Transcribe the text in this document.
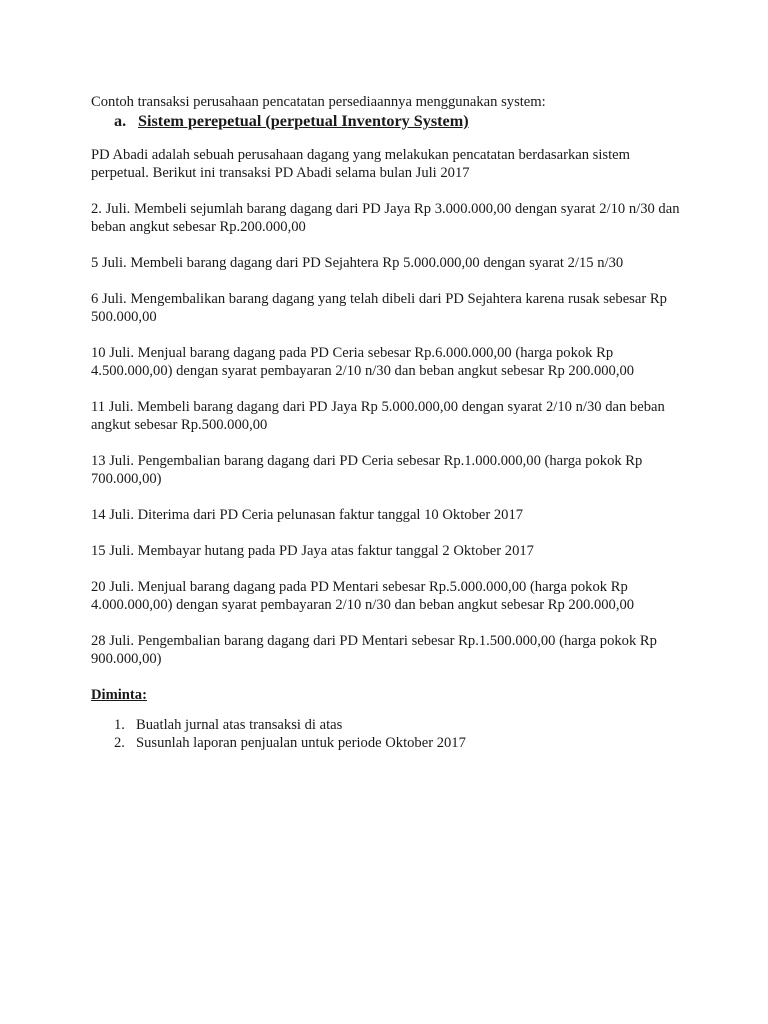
Contoh transaksi perusahaan pencatatan persediaannya menggunakan system:

a. Sistem perepetual (perpetual Inventory System)

PD Abadi adalah sebuah perusahaan dagang yang melakukan pencatatan berdasarkan sistem perpetual. Berikut ini transaksi PD Abadi selama bulan Juli 2017

2. Juli. Membeli sejumlah barang dagang dari PD Jaya Rp 3.000.000,00 dengan syarat 2/10 n/30 dan beban angkut sebesar Rp.200.000,00

5 Juli. Membeli barang dagang dari PD Sejahtera Rp 5.000.000,00 dengan syarat 2/15 n/30

6 Juli. Mengembalikan barang dagang yang telah dibeli dari PD Sejahtera karena rusak sebesar Rp 500.000,00

10 Juli. Menjual barang dagang pada PD Ceria sebesar Rp.6.000.000,00 (harga pokok Rp 4.500.000,00) dengan syarat pembayaran 2/10 n/30 dan beban angkut sebesar Rp 200.000,00

11 Juli. Membeli barang dagang dari PD Jaya Rp 5.000.000,00 dengan syarat 2/10 n/30 dan beban angkut sebesar Rp.500.000,00

13 Juli. Pengembalian barang dagang dari PD Ceria sebesar Rp.1.000.000,00 (harga pokok Rp 700.000,00)

14 Juli. Diterima dari PD Ceria pelunasan faktur tanggal 10 Oktober 2017

15 Juli. Membayar hutang pada PD Jaya atas faktur tanggal 2 Oktober 2017

20 Juli. Menjual barang dagang pada PD Mentari sebesar Rp.5.000.000,00 (harga pokok Rp 4.000.000,00) dengan syarat pembayaran 2/10 n/30 dan beban angkut sebesar Rp 200.000,00

28 Juli. Pengembalian barang dagang dari PD Mentari sebesar Rp.1.500.000,00 (harga pokok Rp 900.000,00)

Diminta:
1. Buatlah jurnal atas transaksi di atas
2. Susunlah laporan penjualan untuk periode Oktober 2017
